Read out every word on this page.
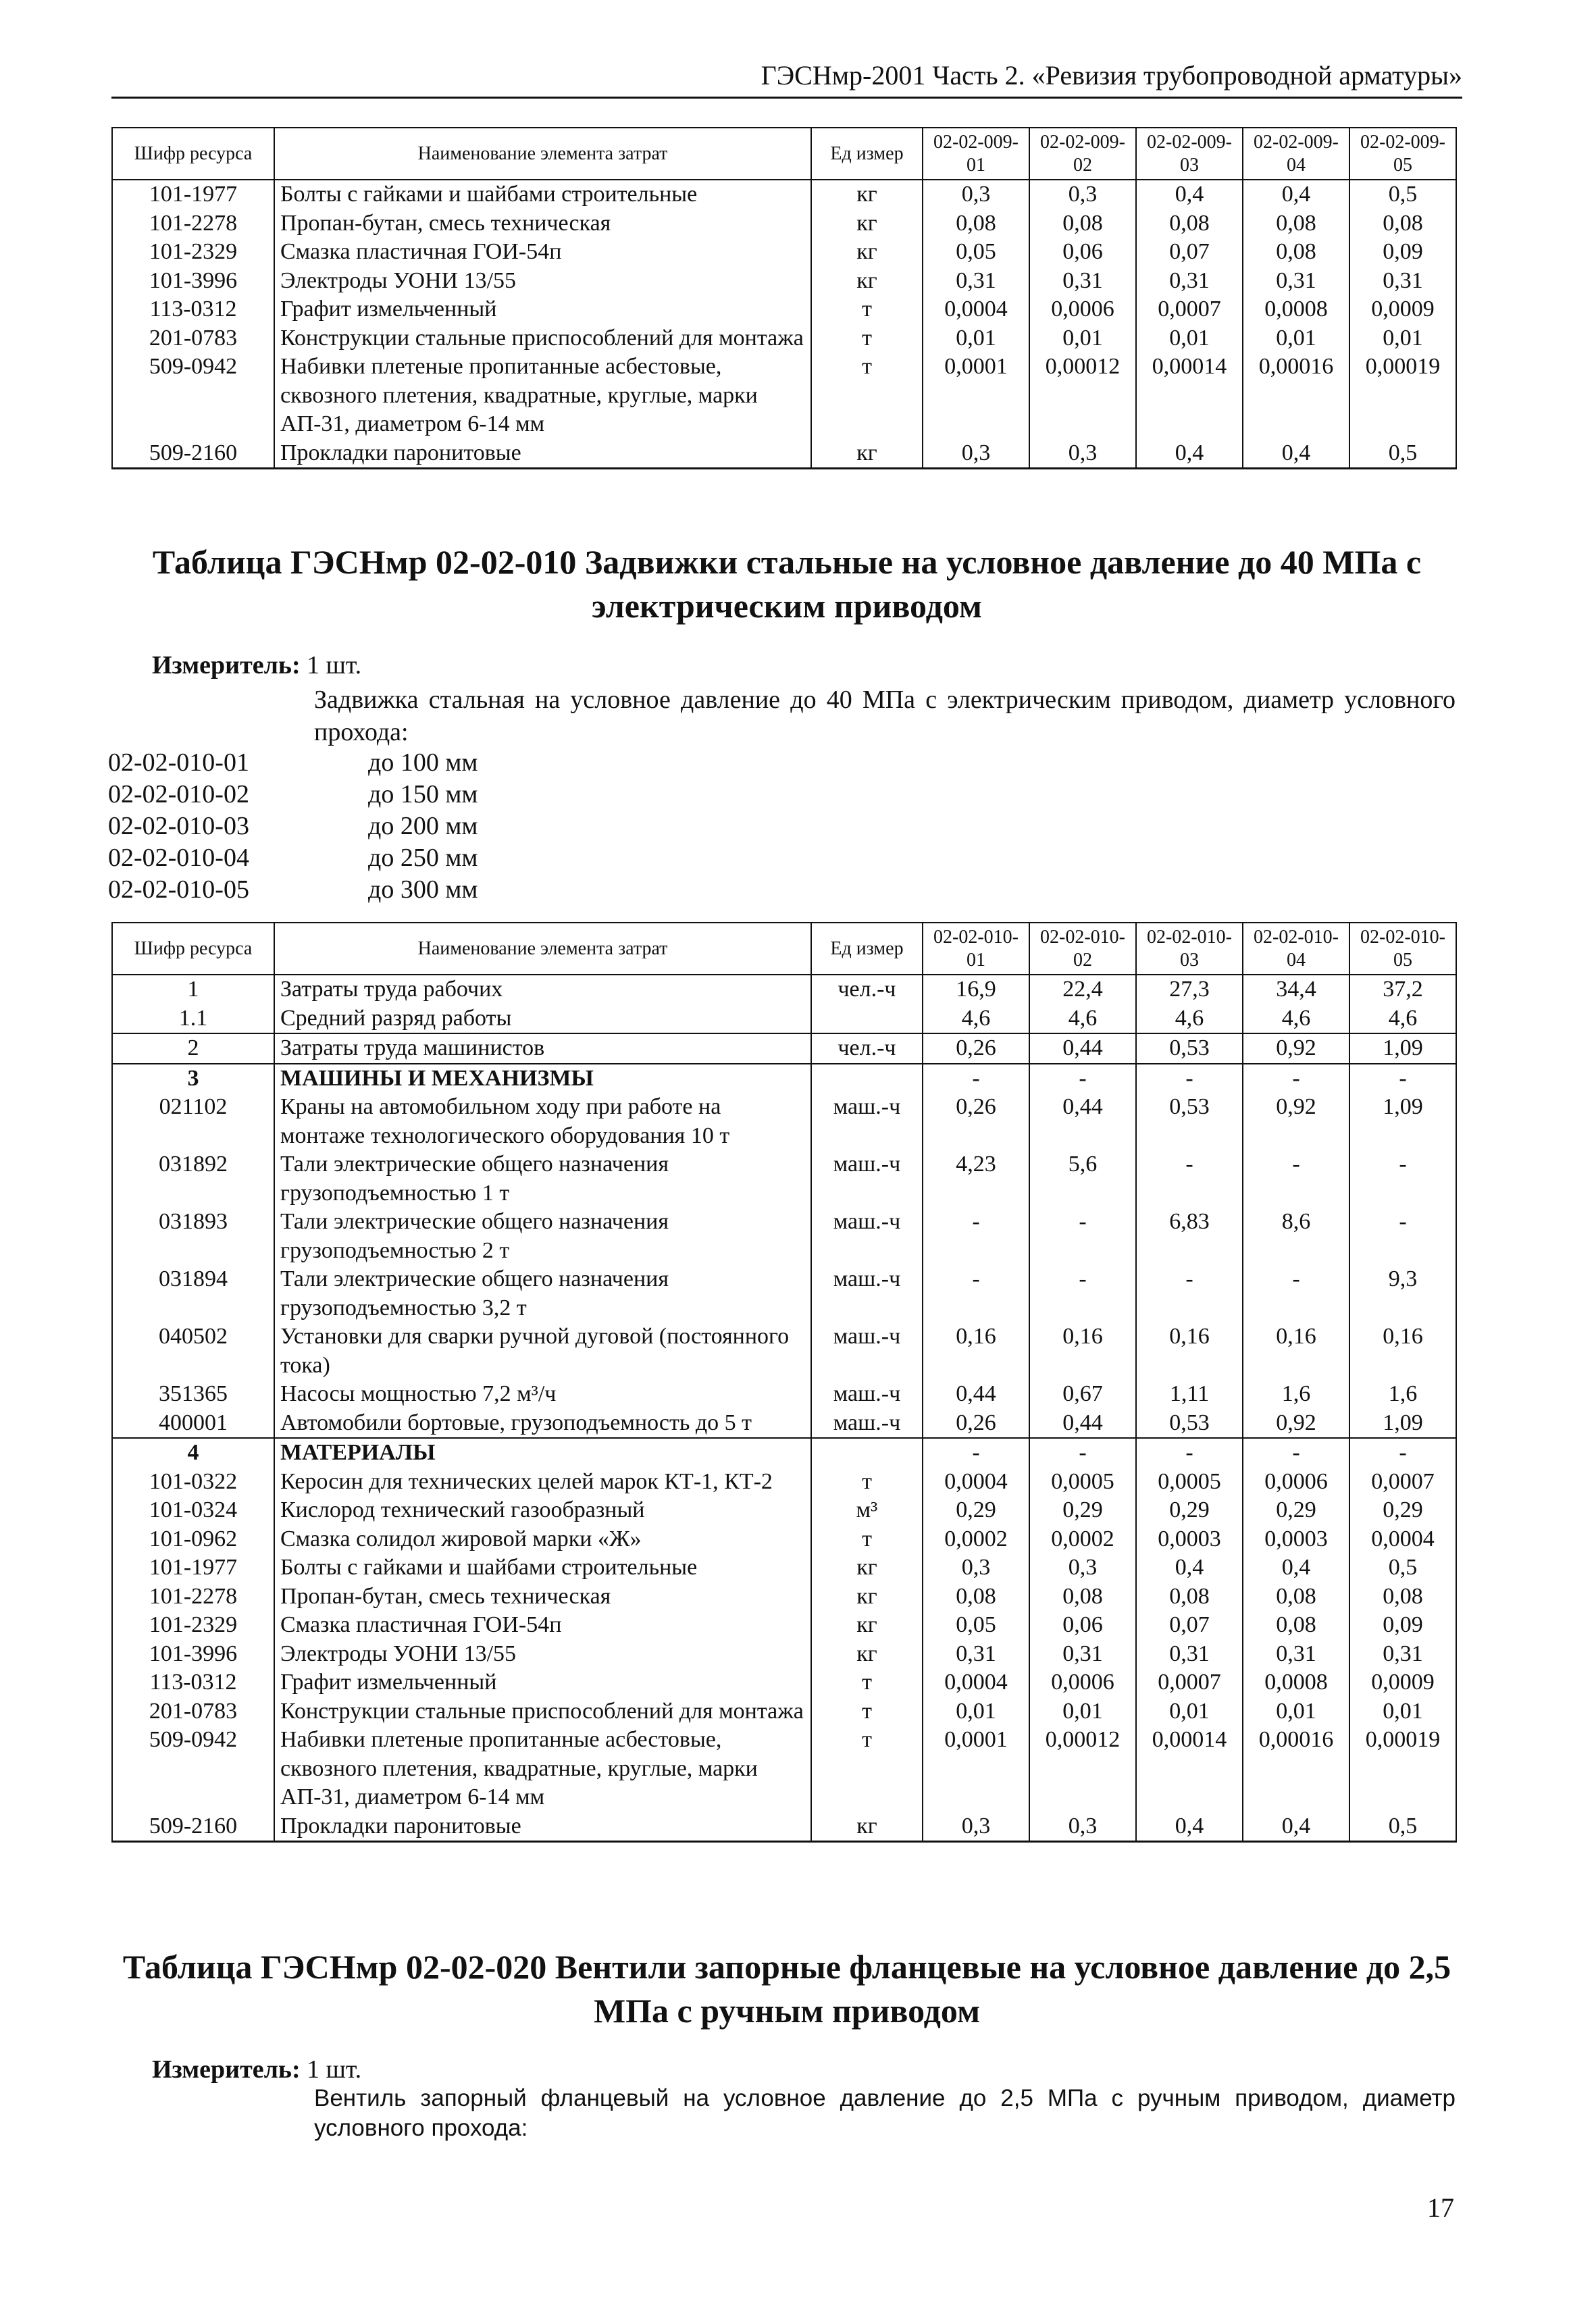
ГЭСНмр-2001 Часть 2. «Ревизия трубопроводной арматуры»
Шифр ресурса	Наименование элемента затрат	Ед измер	02-02-009-01	02-02-009-02	02-02-009-03	02-02-009-04	02-02-009-05
101-1977	Болты с гайками и шайбами строительные	кг	0,3	0,3	0,4	0,4	0,5
101-2278	Пропан-бутан, смесь техническая	кг	0,08	0,08	0,08	0,08	0,08
101-2329	Смазка пластичная ГОИ-54п	кг	0,05	0,06	0,07	0,08	0,09
101-3996	Электроды УОНИ 13/55	кг	0,31	0,31	0,31	0,31	0,31
113-0312	Графит измельченный	т	0,0004	0,0006	0,0007	0,0008	0,0009
201-0783	Конструкции стальные приспособлений для монтажа	т	0,01	0,01	0,01	0,01	0,01
509-0942	Набивки плетеные пропитанные асбестовые, сквозного плетения, квадратные, круглые, марки АП-31, диаметром 6-14 мм	т	0,0001	0,00012	0,00014	0,00016	0,00019
509-2160	Прокладки паронитовые	кг	0,3	0,3	0,4	0,4	0,5
Таблица ГЭСНмр 02-02-010 Задвижки стальные на условное давление до 40 МПа с электрическим приводом
Измеритель: 1 шт.
Задвижка стальная на условное давление до 40 МПа с электрическим приводом, диаметр условного прохода:
02-02-010-01	до 100 мм
02-02-010-02	до 150 мм
02-02-010-03	до 200 мм
02-02-010-04	до 250 мм
02-02-010-05	до 300 мм
Шифр ресурса	Наименование элемента затрат	Ед измер	02-02-010-01	02-02-010-02	02-02-010-03	02-02-010-04	02-02-010-05
1	Затраты труда рабочих	чел.-ч	16,9	22,4	27,3	34,4	37,2
1.1	Средний разряд работы		4,6	4,6	4,6	4,6	4,6
2	Затраты труда машинистов	чел.-ч	0,26	0,44	0,53	0,92	1,09
3	МАШИНЫ И МЕХАНИЗМЫ		-	-	-	-	-
021102	Краны на автомобильном ходу при работе на монтаже технологического оборудования 10 т	маш.-ч	0,26	0,44	0,53	0,92	1,09
031892	Тали электрические общего назначения грузоподъемностью 1 т	маш.-ч	4,23	5,6	-	-	-
031893	Тали электрические общего назначения грузоподъемностью 2 т	маш.-ч	-	-	6,83	8,6	-
031894	Тали электрические общего назначения грузоподъемностью 3,2 т	маш.-ч	-	-	-	-	9,3
040502	Установки для сварки ручной дуговой (постоянного тока)	маш.-ч	0,16	0,16	0,16	0,16	0,16
351365	Насосы мощностью 7,2 м³/ч	маш.-ч	0,44	0,67	1,11	1,6	1,6
400001	Автомобили бортовые, грузоподъемность до 5 т	маш.-ч	0,26	0,44	0,53	0,92	1,09
4	МАТЕРИАЛЫ		-	-	-	-	-
101-0322	Керосин для технических целей марок КТ-1, КТ-2	т	0,0004	0,0005	0,0005	0,0006	0,0007
101-0324	Кислород технический газообразный	м³	0,29	0,29	0,29	0,29	0,29
101-0962	Смазка солидол жировой марки «Ж»	т	0,0002	0,0002	0,0003	0,0003	0,0004
101-1977	Болты с гайками и шайбами строительные	кг	0,3	0,3	0,4	0,4	0,5
101-2278	Пропан-бутан, смесь техническая	кг	0,08	0,08	0,08	0,08	0,08
101-2329	Смазка пластичная ГОИ-54п	кг	0,05	0,06	0,07	0,08	0,09
101-3996	Электроды УОНИ 13/55	кг	0,31	0,31	0,31	0,31	0,31
113-0312	Графит измельченный	т	0,0004	0,0006	0,0007	0,0008	0,0009
201-0783	Конструкции стальные приспособлений для монтажа	т	0,01	0,01	0,01	0,01	0,01
509-0942	Набивки плетеные пропитанные асбестовые, сквозного плетения, квадратные, круглые, марки АП-31, диаметром 6-14 мм	т	0,0001	0,00012	0,00014	0,00016	0,00019
509-2160	Прокладки паронитовые	кг	0,3	0,3	0,4	0,4	0,5
Таблица ГЭСНмр 02-02-020 Вентили запорные фланцевые на условное давление до 2,5 МПа с ручным приводом
Измеритель: 1 шт.
Вентиль запорный фланцевый на условное давление до 2,5 МПа с ручным приводом, диаметр условного прохода:
17
